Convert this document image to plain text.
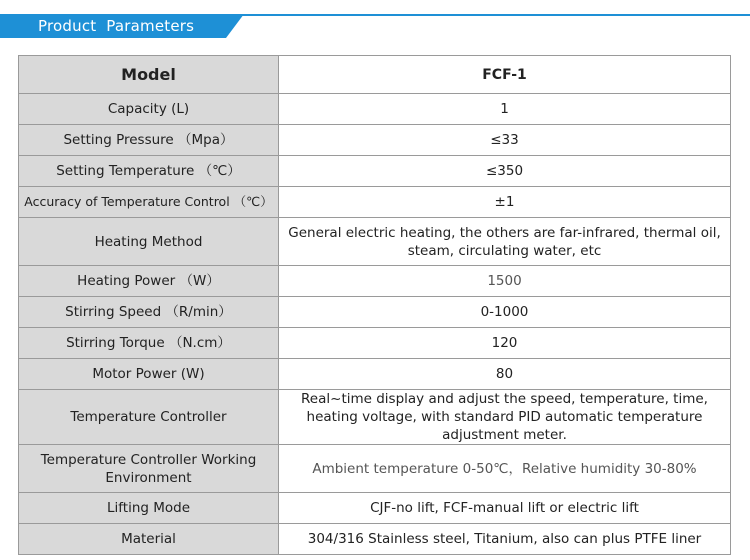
Product  Parameters
Model	FCF-1
Capacity (L)	1
Setting Pressure （Mpa）	≤33
Setting Temperature （℃）	≤350
Accuracy of Temperature Control （℃）	±1
Heating Method	General electric heating, the others are far-infrared, thermal oil, steam, circulating water, etc
Heating Power （W）	1500
Stirring Speed （R/min）	0-1000
Stirring Torque （N.cm）	120
Motor Power (W)	80
Temperature Controller	Real~time display and adjust the speed, temperature, time, heating voltage, with standard PID automatic temperature adjustment meter.
Temperature Controller Working Environment	Ambient temperature 0-50℃，Relative humidity 30-80%
Lifting Mode	CJF-no lift, FCF-manual lift or electric lift
Material	304/316 Stainless steel, Titanium, also can plus PTFE liner
